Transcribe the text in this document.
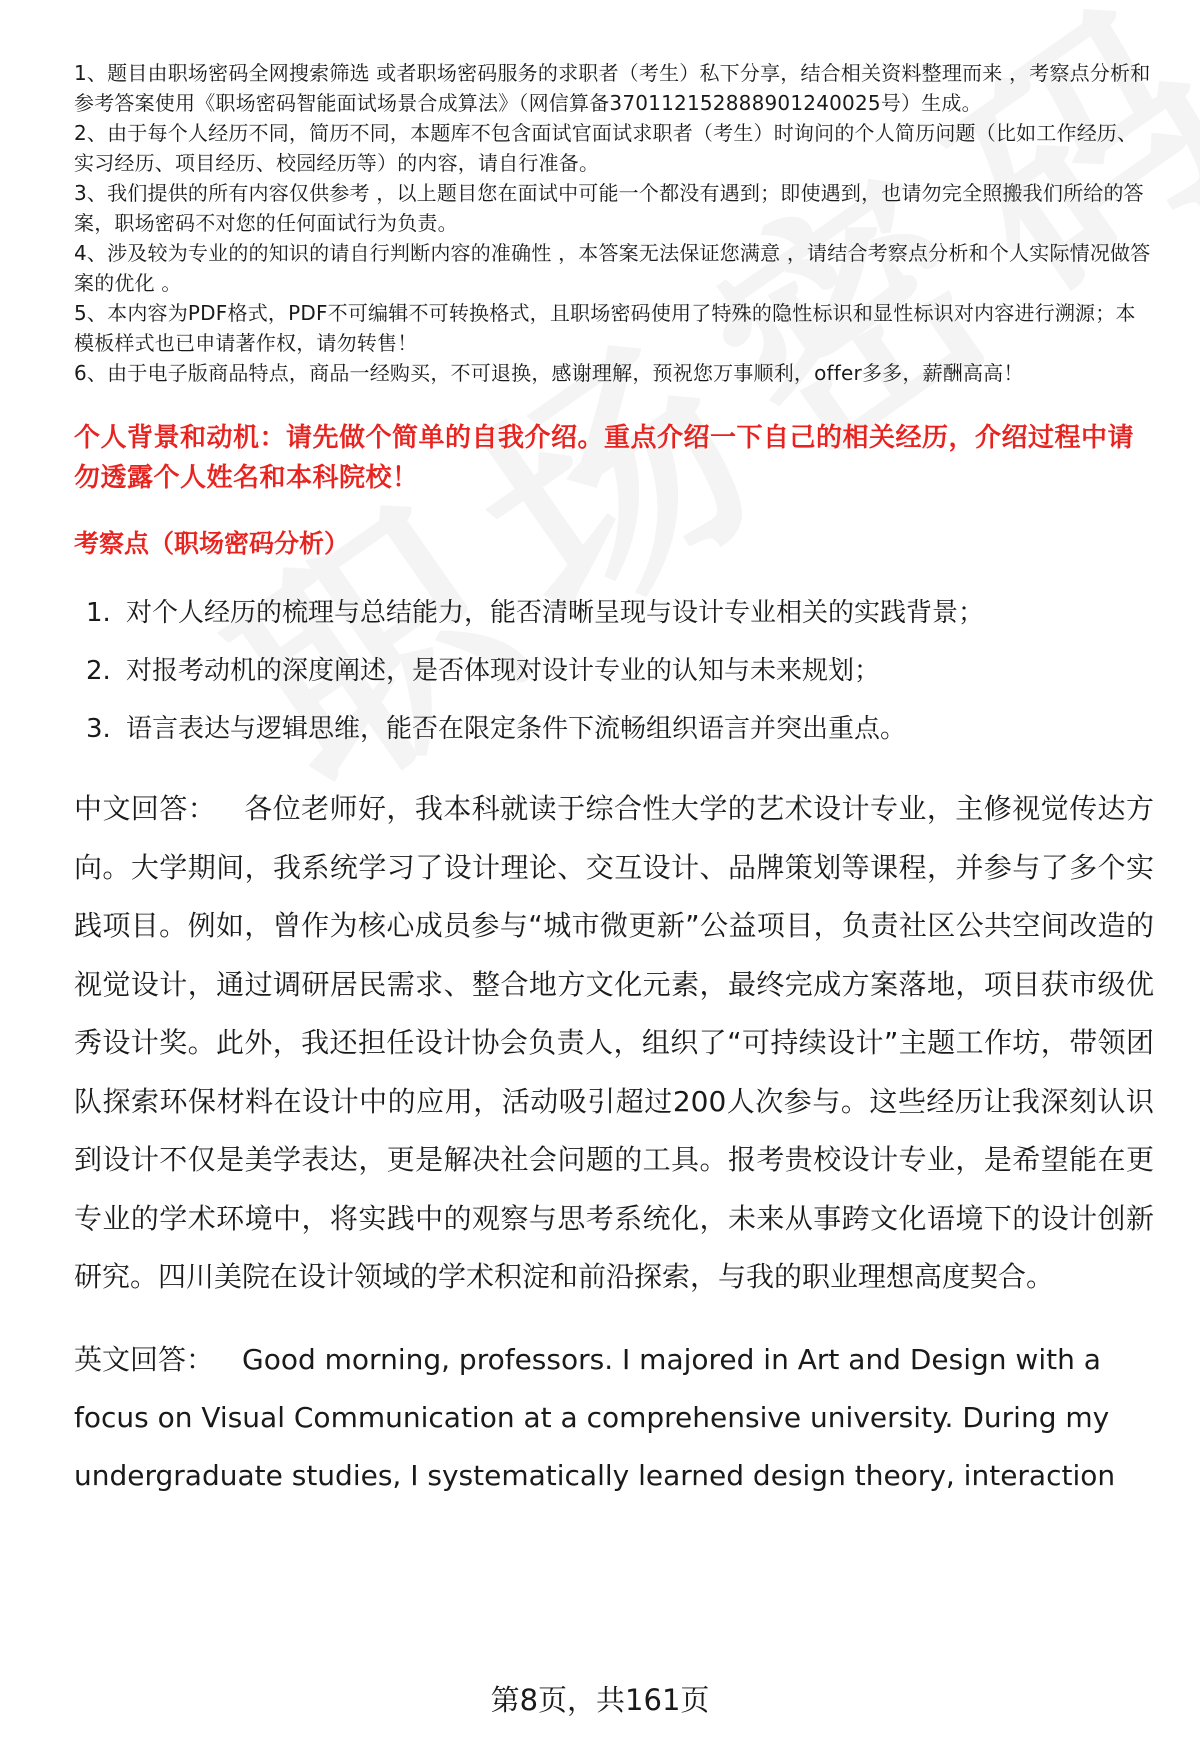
1、题目由职场密码全网搜索筛选 或者职场密码服务的求职者（考生）私下分享，结合相关资料整理而来 ，考察点分析和参考答案使用《职场密码智能面试场景合成算法》（网信算备370112152888901240025号）生成。
2、由于每个人经历不同，简历不同，本题库不包含面试官面试求职者（考生）时询问的个人简历问题（比如工作经历、实习经历、项目经历、校园经历等）的内容，请自行准备。
3、我们提供的所有内容仅供参考 ，以上题目您在面试中可能一个都没有遇到；即使遇到，也请勿完全照搬我们所给的答案，职场密码不对您的任何面试行为负责。
4、涉及较为专业的的知识的请自行判断内容的准确性 ，本答案无法保证您满意 ，请结合考察点分析和个人实际情况做答案的优化 。
5、本内容为PDF格式，PDF不可编辑不可转换格式，且职场密码使用了特殊的隐性标识和显性标识对内容进行溯源；本模板样式也已申请著作权，请勿转售！
6、由于电子版商品特点，商品一经购买，不可退换，感谢理解，预祝您万事顺利，offer多多，薪酬高高！
个人背景和动机：请先做个简单的自我介绍。重点介绍一下自己的相关经历，介绍过程中请勿透露个人姓名和本科院校！
考察点（职场密码分析）
1. 对个人经历的梳理与总结能力，能否清晰呈现与设计专业相关的实践背景；
2. 对报考动机的深度阐述，是否体现对设计专业的认知与未来规划；
3. 语言表达与逻辑思维，能否在限定条件下流畅组织语言并突出重点。
中文回答： 各位老师好，我本科就读于综合性大学的艺术设计专业，主修视觉传达方向。大学期间，我系统学习了设计理论、交互设计、品牌策划等课程，并参与了多个实践项目。例如，曾作为核心成员参与“城市微更新”公益项目，负责社区公共空间改造的视觉设计，通过调研居民需求、整合地方文化元素，最终完成方案落地，项目获市级优秀设计奖。此外，我还担任设计协会负责人，组织了“可持续设计”主题工作坊，带领团队探索环保材料在设计中的应用，活动吸引超过200人次参与。这些经历让我深刻认识到设计不仅是美学表达，更是解决社会问题的工具。报考贵校设计专业，是希望能在更专业的学术环境中，将实践中的观察与思考系统化，未来从事跨文化语境下的设计创新研究。四川美院在设计领域的学术积淀和前沿探索，与我的职业理想高度契合。
英文回答： Good morning, professors. I majored in Art and Design with a focus on Visual Communication at a comprehensive university. During my undergraduate studies, I systematically learned design theory, interaction
第8页，共161页
